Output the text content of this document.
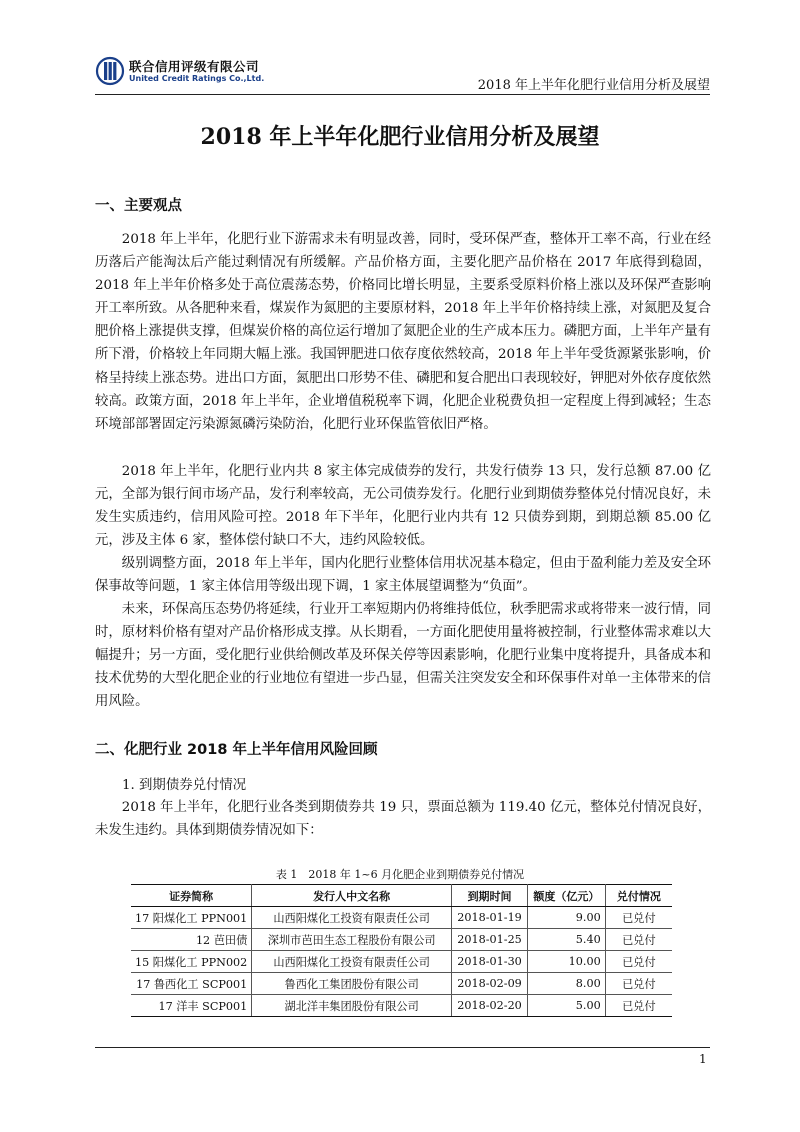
联合信用评级有限公司
United Credit Ratings Co.,Ltd.	2018 年上半年化肥行业信用分析及展望
2018 年上半年化肥行业信用分析及展望
一、主要观点
2018 年上半年，化肥行业下游需求未有明显改善，同时，受环保严查，整体开工率不高，行业在经历落后产能淘汰后产能过剩情况有所缓解。产品价格方面，主要化肥产品价格在 2017 年底得到稳固，2018 年上半年价格多处于高位震荡态势，价格同比增长明显，主要系受原料价格上涨以及环保严查影响开工率所致。从各肥种来看，煤炭作为氮肥的主要原材料，2018 年上半年价格持续上涨，对氮肥及复合肥价格上涨提供支撑，但煤炭价格的高位运行增加了氮肥企业的生产成本压力。磷肥方面，上半年产量有所下滑，价格较上年同期大幅上涨。我国钾肥进口依存度依然较高，2018 年上半年受货源紧张影响，价格呈持续上涨态势。进出口方面，氮肥出口形势不佳、磷肥和复合肥出口表现较好，钾肥对外依存度依然较高。政策方面，2018 年上半年，企业增值税税率下调，化肥企业税费负担一定程度上得到减轻；生态环境部部署固定污染源氮磷污染防治，化肥行业环保监管依旧严格。
2018 年上半年，化肥行业内共 8 家主体完成债券的发行，共发行债券 13 只，发行总额 87.00 亿元，全部为银行间市场产品，发行利率较高，无公司债券发行。化肥行业到期债券整体兑付情况良好，未发生实质违约，信用风险可控。2018 年下半年，化肥行业内共有 12 只债券到期，到期总额 85.00 亿元，涉及主体 6 家，整体偿付缺口不大，违约风险较低。
级别调整方面，2018 年上半年，国内化肥行业整体信用状况基本稳定，但由于盈利能力差及安全环保事故等问题，1 家主体信用等级出现下调，1 家主体展望调整为“负面”。
未来，环保高压态势仍将延续，行业开工率短期内仍将维持低位，秋季肥需求或将带来一波行情，同时，原材料价格有望对产品价格形成支撑。从长期看，一方面化肥使用量将被控制，行业整体需求难以大幅提升；另一方面，受化肥行业供给侧改革及环保关停等因素影响，化肥行业集中度将提升，具备成本和技术优势的大型化肥企业的行业地位有望进一步凸显，但需关注突发安全和环保事件对单一主体带来的信用风险。
二、化肥行业 2018 年上半年信用风险回顾
1. 到期债券兑付情况
2018 年上半年，化肥行业各类到期债券共 19 只，票面总额为 119.40 亿元，整体兑付情况良好，未发生违约。具体到期债券情况如下：
表 1　2018 年 1~6 月化肥企业到期债券兑付情况
证券简称	发行人中文名称	到期时间	额度（亿元）	兑付情况
17 阳煤化工 PPN001	山西阳煤化工投资有限责任公司	2018-01-19	9.00	已兑付
12 芭田债	深圳市芭田生态工程股份有限公司	2018-01-25	5.40	已兑付
15 阳煤化工 PPN002	山西阳煤化工投资有限责任公司	2018-01-30	10.00	已兑付
17 鲁西化工 SCP001	鲁西化工集团股份有限公司	2018-02-09	8.00	已兑付
17 洋丰 SCP001	湖北洋丰集团股份有限公司	2018-02-20	5.00	已兑付
1
